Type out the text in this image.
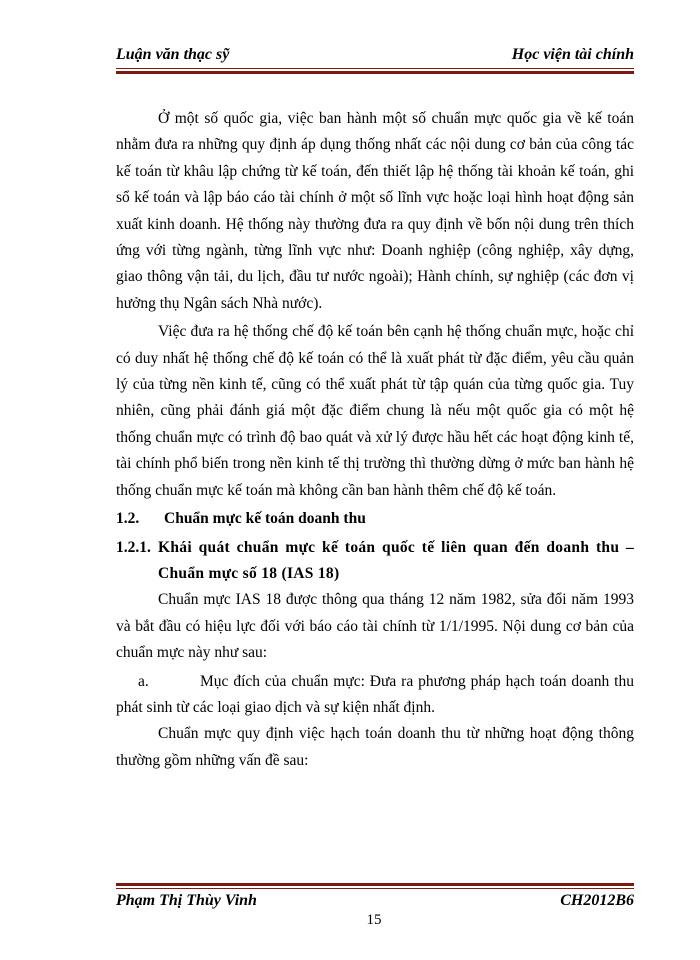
Luận văn thạc sỹ	Học viện tài chính

Ở một số quốc gia, việc ban hành một số chuẩn mực quốc gia về kế toán nhằm đưa ra những quy định áp dụng thống nhất các nội dung cơ bản của công tác kế toán từ khâu lập chứng từ kế toán, đến thiết lập hệ thống tài khoản kế toán, ghi sổ kế toán và lập báo cáo tài chính ở một số lĩnh vực hoặc loại hình hoạt động sản xuất kinh doanh. Hệ thống này thường đưa ra quy định về bốn nội dung trên thích ứng với từng ngành, từng lĩnh vực như: Doanh nghiệp (công nghiệp, xây dựng, giao thông vận tải, du lịch, đầu tư nước ngoài); Hành chính, sự nghiệp (các đơn vị hưởng thụ Ngân sách Nhà nước).

Việc đưa ra hệ thống chế độ kế toán bên cạnh hệ thống chuẩn mực, hoặc chỉ có duy nhất hệ thống chế độ kế toán có thể là xuất phát từ đặc điểm, yêu cầu quản lý của từng nền kinh tế, cũng có thể xuất phát từ tập quán của từng quốc gia. Tuy nhiên, cũng phải đánh giá một đặc điểm chung là nếu một quốc gia có một hệ thống chuẩn mực có trình độ bao quát và xử lý được hầu hết các hoạt động kinh tế, tài chính phổ biến trong nền kinh tế thị trường thì thường dừng ở mức ban hành hệ thống chuẩn mực kế toán mà không cần ban hành thêm chế độ kế toán.

1.2.	Chuẩn mực kế toán doanh thu
1.2.1. Khái quát chuẩn mực kế toán quốc tế liên quan đến doanh thu – Chuẩn mực số 18 (IAS 18)

Chuẩn mực IAS 18 được thông qua tháng 12 năm 1982, sửa đổi năm 1993 và bắt đầu có hiệu lực đối với báo cáo tài chính từ 1/1/1995. Nội dung cơ bản của chuẩn mực này như sau:

a.	Mục đích của chuẩn mực: Đưa ra phương pháp hạch toán doanh thu phát sinh từ các loại giao dịch và sự kiện nhất định.

Chuẩn mực quy định việc hạch toán doanh thu từ những hoạt động thông thường gồm những vấn đề sau:

Phạm Thị Thùy Vinh	CH2012B6
15
